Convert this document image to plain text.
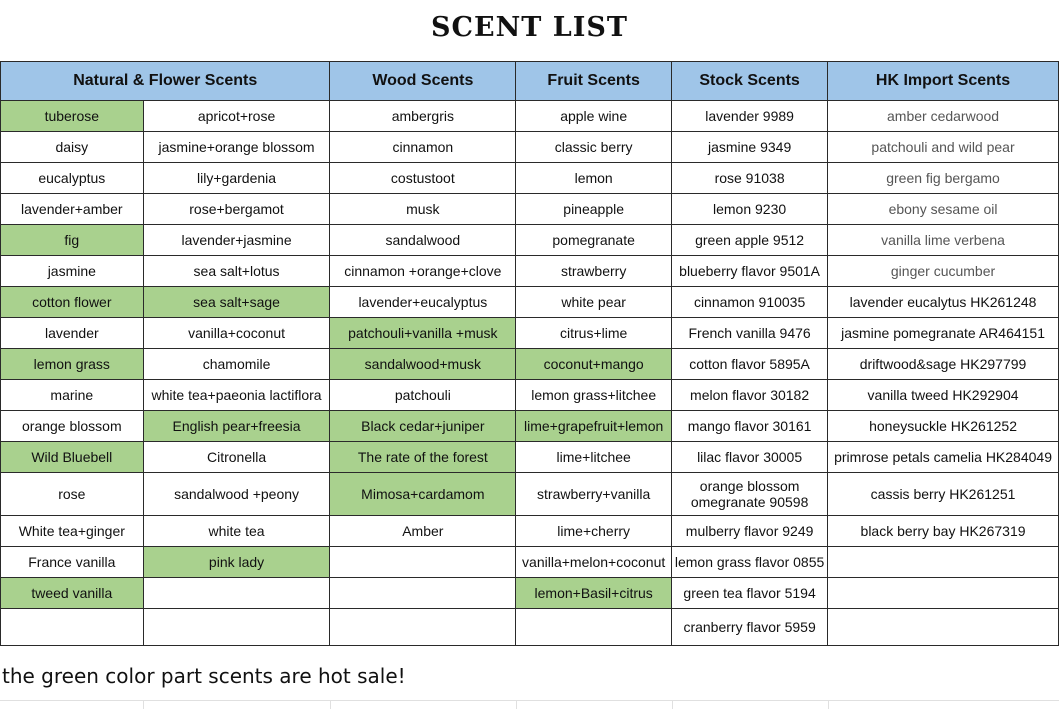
SCENT LIST
Natural & Flower Scents		Wood Scents	Fruit Scents	Stock Scents	HK Import Scents
tuberose	apricot+rose	ambergris	apple wine	lavender 9989	amber cedarwood
daisy	jasmine+orange blossom	cinnamon	classic berry	jasmine 9349	patchouli and wild pear
eucalyptus	lily+gardenia	costustoot	lemon	rose 91038	green fig bergamo
lavender+amber	rose+bergamot	musk	pineapple	lemon 9230	ebony sesame oil
fig	lavender+jasmine	sandalwood	pomegranate	green apple 9512	vanilla lime verbena
jasmine	sea salt+lotus	cinnamon +orange+clove	strawberry	blueberry flavor 9501A	ginger cucumber
cotton flower	sea salt+sage	lavender+eucalyptus	white pear	cinnamon 910035	lavender eucalytus HK261248
lavender	vanilla+coconut	patchouli+vanilla +musk	citrus+lime	French vanilla 9476	jasmine pomegranate AR464151
lemon grass	chamomile	sandalwood+musk	coconut+mango	cotton flavor 5895A	driftwood&sage HK297799
marine	white tea+paeonia lactiflora	patchouli	lemon grass+litchee	melon flavor 30182	vanilla tweed HK292904
orange blossom	English pear+freesia	Black cedar+juniper	lime+grapefruit+lemon	mango flavor 30161	honeysuckle HK261252
Wild Bluebell	Citronella	The rate of the forest	lime+litchee	lilac flavor 30005	primrose petals camelia HK284049
rose	sandalwood +peony	Mimosa+cardamom	strawberry+vanilla	orange blossom omegranate 90598	cassis berry HK261251
White tea+ginger	white tea	Amber	lime+cherry	mulberry flavor 9249	black berry bay HK267319
France vanilla	pink lady		vanilla+melon+coconut	lemon grass flavor 0855	
tweed vanilla			lemon+Basil+citrus	green tea flavor 5194	
				cranberry flavor 5959	
the green color part scents are hot sale!
